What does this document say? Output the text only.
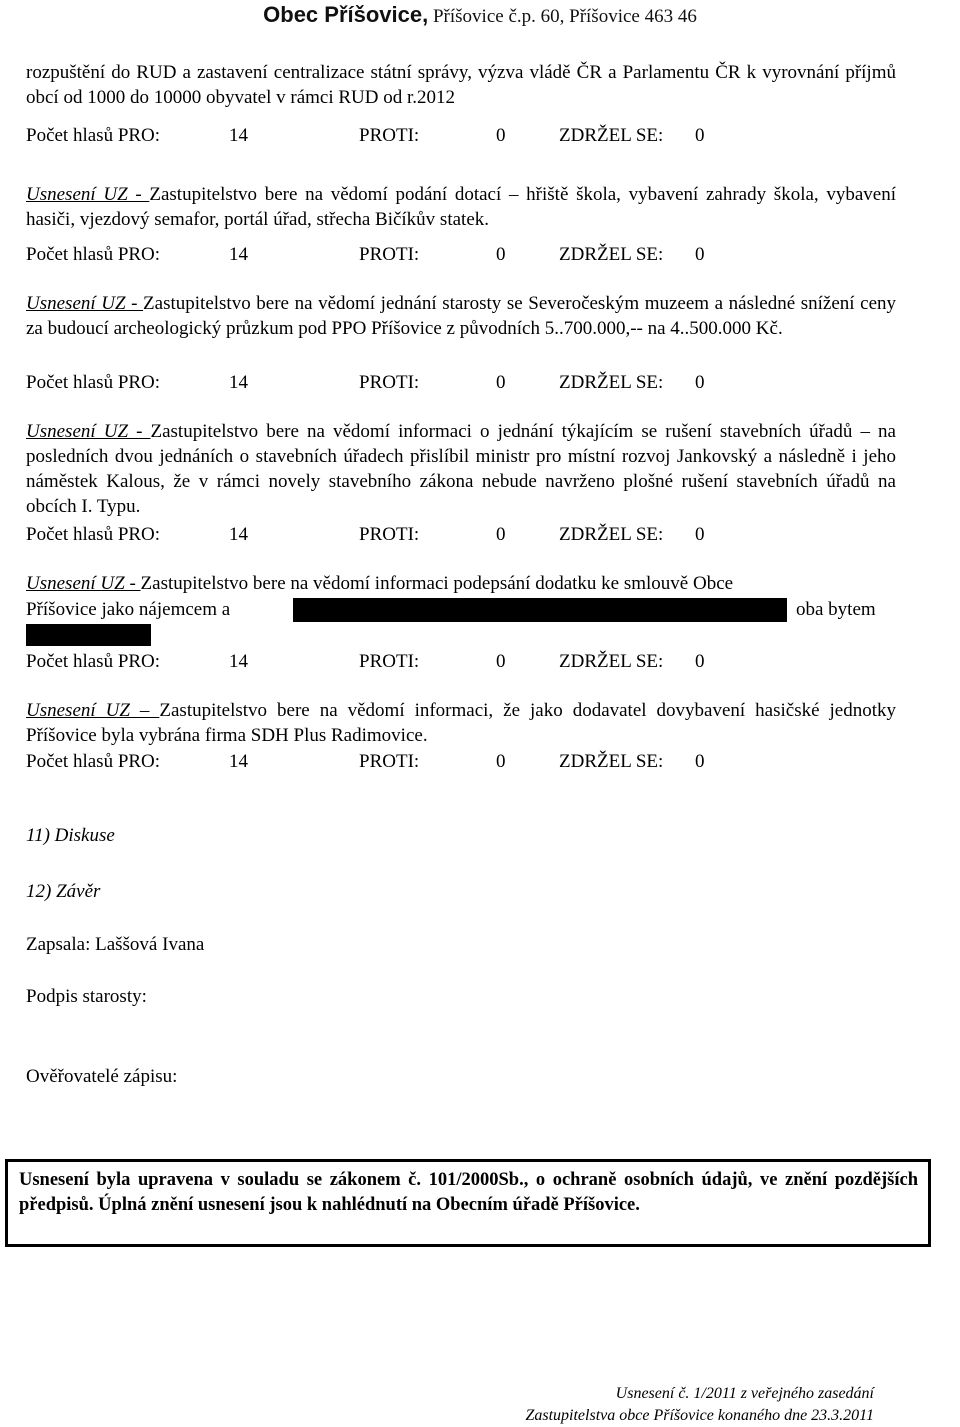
Obec Příšovice, Příšovice č.p. 60, Příšovice 463 46
rozpuštění do RUD a zastavení centralizace státní správy, výzva vládě ČR a Parlamentu ČR k vyrovnání příjmů obcí od 1000 do 10000 obyvatel v rámci RUD od r.2012
Počet hlasů PRO:	14	PROTI:	0	ZDRŽEL SE: 0
Usnesení UZ - Zastupitelstvo bere na vědomí podání dotací – hřiště škola, vybavení zahrady škola, vybavení hasiči, vjezdový semafor, portál úřad, střecha Bičíkův statek.
Počet hlasů PRO:	14	PROTI:	0	ZDRŽEL SE: 0
Usnesení UZ - Zastupitelstvo bere na vědomí jednání starosty se Severočeským muzeem a následné snížení ceny za budoucí archeologický průzkum pod PPO Příšovice z původních 5..700.000,-- na 4..500.000 Kč.
Počet hlasů PRO:	14	PROTI:	0	ZDRŽEL SE: 0
Usnesení UZ - Zastupitelstvo bere na vědomí informaci o jednání týkajícím se rušení stavebních úřadů – na posledních dvou jednáních o stavebních úřadech přislíbil ministr pro místní rozvoj Jankovský a následně i jeho náměstek Kalous, že v rámci novely stavebního zákona nebude navrženo plošné rušení stavebních úřadů na obcích I. Typu.
Počet hlasů PRO:	14	PROTI:	0	ZDRŽEL SE: 0
Usnesení UZ - Zastupitelstvo bere na vědomí informaci podepsání dodatku ke smlouvě Obce
Příšovice jako nájemcem a	oba bytem
Počet hlasů PRO:	14	PROTI:	0	ZDRŽEL SE: 0
Usnesení UZ – Zastupitelstvo bere na vědomí informaci, že jako dodavatel dovybavení hasičské jednotky Příšovice byla vybrána firma SDH Plus Radimovice.
Počet hlasů PRO:	14	PROTI:	0	ZDRŽEL SE: 0
11) Diskuse
12) Závěr
Zapsala: Laššová Ivana
Podpis starosty:
Ověřovatelé zápisu:
Usnesení byla upravena v souladu se zákonem č. 101/2000Sb., o ochraně osobních údajů, ve znění pozdějších předpisů. Úplná znění usnesení jsou k nahlédnutí na Obecním úřadě Příšovice.
Usnesení č. 1/2011 z veřejného zasedání
Zastupitelstva obce Příšovice konaného dne 23.3.2011
